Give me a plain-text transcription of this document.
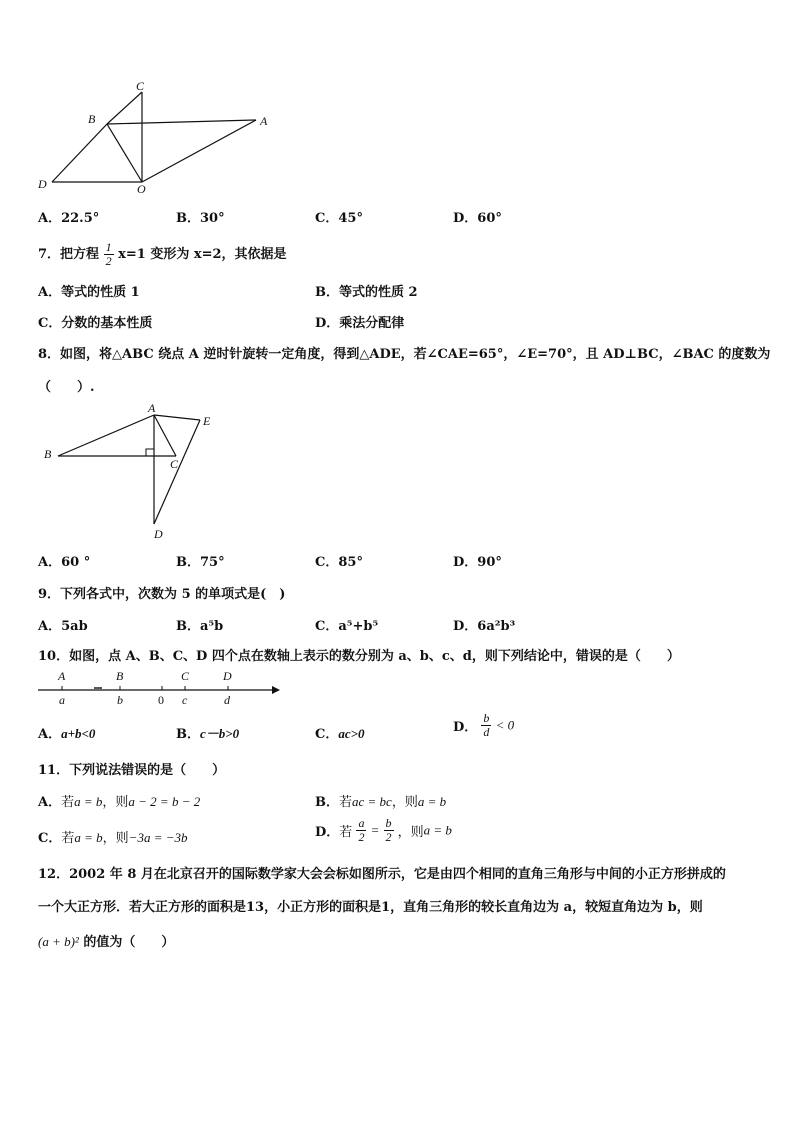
C
B	A
D	O
A．22.5°	B．30°	C．45°	D．60°
7．把方程 $\frac{1}{2} x=1$ 变形为 x=2，其依据是
A．等式的性质 1	B．等式的性质 2
C．分数的基本性质	D．乘法分配律
8．如图，将△ABC 绕点 A 逆时针旋转一定角度，得到△ADE，若∠CAE=65°，∠E=70°，且 AD⊥BC，∠BAC 的度数为
（　　）.
A
E
B
C
D
A．60 °	B．75°	C．85°	D．90°
9．下列各式中，次数为 5 的单项式是(　)
A．5ab	B．a⁵b	C．a⁵+b⁵	D．6a²b³
10．如图，点 A、B、C、D 四个点在数轴上表示的数分别为 a、b、c、d，则下列结论中，错误的是（　　）
A	B	C	D
a	b	0 c	d
A．a+b<0	B．c－b>0	C．ac>0	D． $\frac{b}{d} < 0$
11．下列说法错误的是（　　）
A．若a = b，则a − 2 = b − 2	B．若ac = bc，则a = b
C．若a = b，则−3a = −3b	D．若 $\frac{a}{2} = \frac{b}{2}$ ，则a = b
12．2002 年 8 月在北京召开的国际数学家大会会标如图所示，它是由四个相同的直角三角形与中间的小正方形拼成的
一个大正方形．若大正方形的面积是13，小正方形的面积是1，直角三角形的较长直角边为 a，较短直角边为 b，则
(a + b)² 的值为（　　）
